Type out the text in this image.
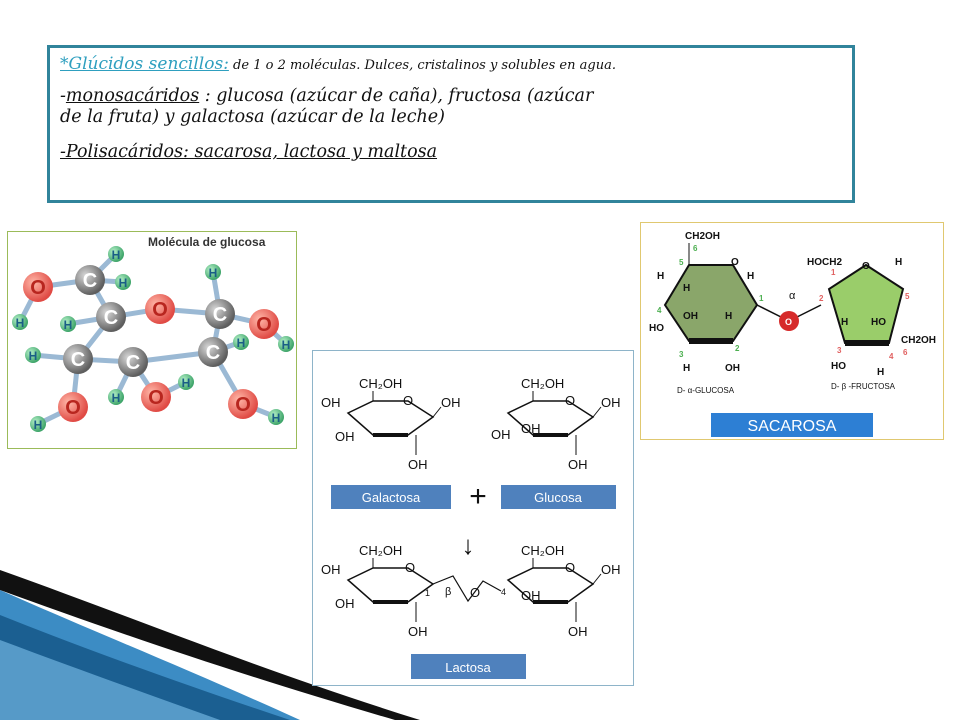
*Glúcidos sencillos: de 1 o 2 moléculas. Dulces, cristalinos y solubles en agua.
-monosacáridos : glucosa (azúcar de caña), fructosa (azúcar
de la fruta) y galactosa (azúcar de la leche)
-Polisacáridos: sacarosa, lactosa y maltosa
Molécula de glucosa
O
H
C
H
H
H C O
H
C O
H
H
H C C	C
H
O
H
O
H
O
H
CH₂OH
O OH
OH
OH
OH
CH₂OH
O OH
OH OH
OH
Galactosa +	Glucosa
↓
CH₂OH
O
OH
OH
OH
1 β O 4
CH₂OH
O OH
OH
OH
Lactosa
CH2OH
6
5
4
3
2
1
O
H
H
H
OH	H
HO
H	OH
O
α
HOCH2 O	H
1
2
3
4
5
6
H HO
CH2OH
HO
H
D- α-GLUCOSA	D- β -FRUCTOSA
SACAROSA
